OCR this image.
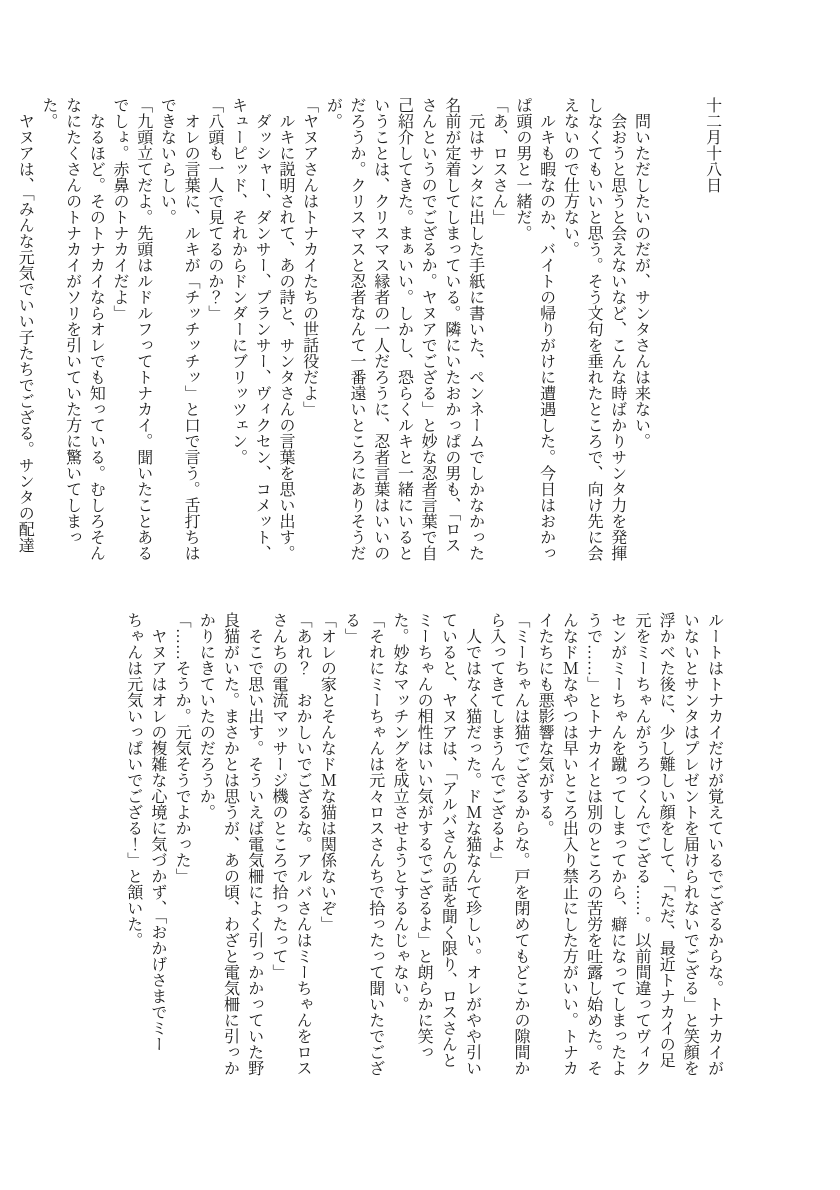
十二月十八日

　問いただしたいのだが、サンタさんは来ない。
　会おうと思うと会えないなど、こんな時ばかりサンタ力を発揮
しなくてもいいと思う。そう文句を垂れたところで、向け先に会
えないので仕方ない。
　ルキも暇なのか、バイトの帰りがけに遭遇した。今日はおかっ
ぱ頭の男と一緒だ。
「あ、ロスさん」
　元はサンタに出した手紙に書いた、ペンネームでしかなかった
名前が定着してしまっている。隣にいたおかっぱの男も、「ロス
さんというのでござるか。ヤヌアでござる」と妙な忍者言葉で自
己紹介してきた。まぁいい。しかし、恐らくルキと一緒にいると
いうことは、クリスマス縁者の一人だろうに、忍者言葉はいいの
だろうか。クリスマスと忍者なんて一番遠いところにありそうだ
が。
「ヤヌアさんはトナカイたちの世話役だよ」
　ルキに説明されて、あの詩と、サンタさんの言葉を思い出す。
　ダッシャー、ダンサー、プランサー、ヴィクセン、コメット、
キューピッド、それからドンダーにブリッツェン。
「八頭も一人で見てるのか？」
　オレの言葉に、ルキが「チッチッチッ」と口で言う。舌打ちは
できないらしい。
「九頭立てだよ。先頭はルドルフってトナカイ。聞いたことある
でしょ。赤鼻のトナカイだよ」
　なるほど。そのトナカイならオレでも知っている。むしろそん
なにたくさんのトナカイがソリを引いていた方に驚いてしまっ
た。
　ヤヌアは、「みんな元気でいい子たちでござる。サンタの配達

ルートはトナカイだけが覚えているでござるからな。トナカイが
いないとサンタはプレゼントを届けられないでござる」と笑顔を
浮かべた後に、少し難しい顔をして、「ただ、最近トナカイの足
元をミーちゃんがうろつくんでござる……。以前間違ってヴィク
センがミーちゃんを蹴ってしまってから、癖になってしまったよ
うで……」とトナカイとは別のところの苦労を吐露し始めた。そ
んなドＭなやつは早いところ出入り禁止にした方がいい。トナカ
イたちにも悪影響な気がする。
「ミーちゃんは猫でござるからな。戸を閉めてもどこかの隙間か
ら入ってきてしまうんでござるよ」
　人ではなく猫だった。ドＭな猫なんて珍しい。オレがやや引い
ていると、ヤヌアは、「アルバさんの話を聞く限り、ロスさんと
ミーちゃんの相性はいい気がするでござるよ」と朗らかに笑っ
た。妙なマッチングを成立させようとするんじゃない。
「それにミーちゃんは元々ロスさんちで拾ったって聞いたでござ
る」
「オレの家とそんなドＭな猫は関係ないぞ」
「あれ？　おかしいでござるな。アルバさんはミーちゃんをロス
さんちの電流マッサージ機のところで拾ったって」
　そこで思い出す。そういえば電気柵によく引っかかっていた野
良猫がいた。まさかとは思うが、あの頃、わざと電気柵に引っか
かりにきていたのだろうか。
「……そうか。元気そうでよかった」
　ヤヌアはオレの複雑な心境に気づかず、「おかげさまでミー
ちゃんは元気いっぱいでござる！」と頷いた。
